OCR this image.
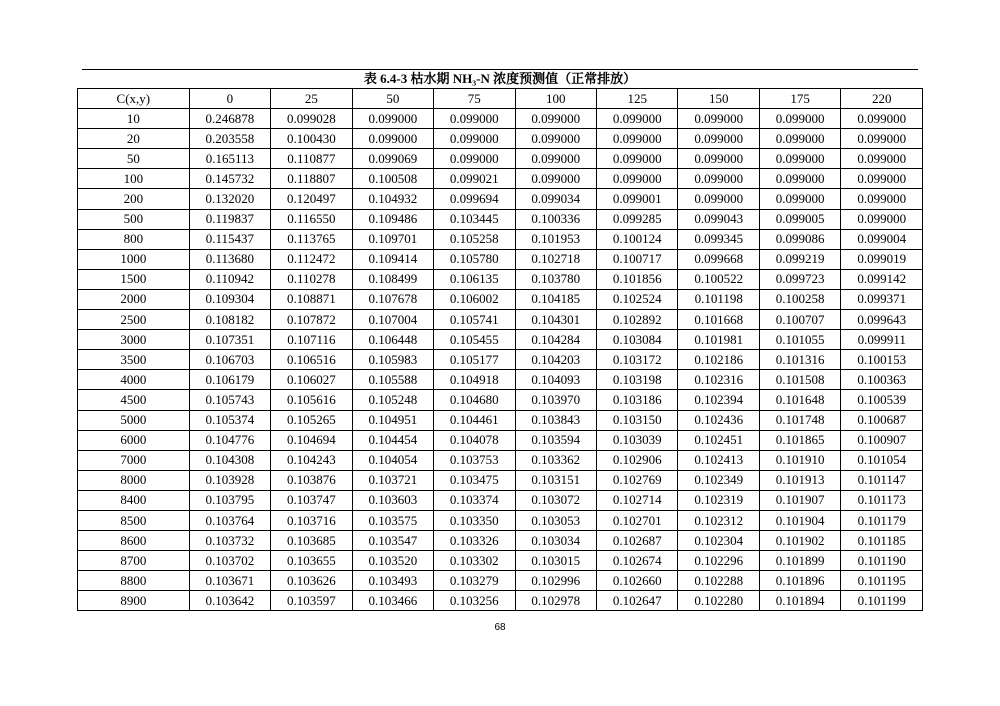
表 6.4-3 枯水期 NH₃-N 浓度预测值（正常排放）
C(x,y)	0	25	50	75	100	125	150	175	220
10	0.246878	0.099028	0.099000	0.099000	0.099000	0.099000	0.099000	0.099000	0.099000
20	0.203558	0.100430	0.099000	0.099000	0.099000	0.099000	0.099000	0.099000	0.099000
50	0.165113	0.110877	0.099069	0.099000	0.099000	0.099000	0.099000	0.099000	0.099000
100	0.145732	0.118807	0.100508	0.099021	0.099000	0.099000	0.099000	0.099000	0.099000
200	0.132020	0.120497	0.104932	0.099694	0.099034	0.099001	0.099000	0.099000	0.099000
500	0.119837	0.116550	0.109486	0.103445	0.100336	0.099285	0.099043	0.099005	0.099000
800	0.115437	0.113765	0.109701	0.105258	0.101953	0.100124	0.099345	0.099086	0.099004
1000	0.113680	0.112472	0.109414	0.105780	0.102718	0.100717	0.099668	0.099219	0.099019
1500	0.110942	0.110278	0.108499	0.106135	0.103780	0.101856	0.100522	0.099723	0.099142
2000	0.109304	0.108871	0.107678	0.106002	0.104185	0.102524	0.101198	0.100258	0.099371
2500	0.108182	0.107872	0.107004	0.105741	0.104301	0.102892	0.101668	0.100707	0.099643
3000	0.107351	0.107116	0.106448	0.105455	0.104284	0.103084	0.101981	0.101055	0.099911
3500	0.106703	0.106516	0.105983	0.105177	0.104203	0.103172	0.102186	0.101316	0.100153
4000	0.106179	0.106027	0.105588	0.104918	0.104093	0.103198	0.102316	0.101508	0.100363
4500	0.105743	0.105616	0.105248	0.104680	0.103970	0.103186	0.102394	0.101648	0.100539
5000	0.105374	0.105265	0.104951	0.104461	0.103843	0.103150	0.102436	0.101748	0.100687
6000	0.104776	0.104694	0.104454	0.104078	0.103594	0.103039	0.102451	0.101865	0.100907
7000	0.104308	0.104243	0.104054	0.103753	0.103362	0.102906	0.102413	0.101910	0.101054
8000	0.103928	0.103876	0.103721	0.103475	0.103151	0.102769	0.102349	0.101913	0.101147
8400	0.103795	0.103747	0.103603	0.103374	0.103072	0.102714	0.102319	0.101907	0.101173
8500	0.103764	0.103716	0.103575	0.103350	0.103053	0.102701	0.102312	0.101904	0.101179
8600	0.103732	0.103685	0.103547	0.103326	0.103034	0.102687	0.102304	0.101902	0.101185
8700	0.103702	0.103655	0.103520	0.103302	0.103015	0.102674	0.102296	0.101899	0.101190
8800	0.103671	0.103626	0.103493	0.103279	0.102996	0.102660	0.102288	0.101896	0.101195
8900	0.103642	0.103597	0.103466	0.103256	0.102978	0.102647	0.102280	0.101894	0.101199
68
